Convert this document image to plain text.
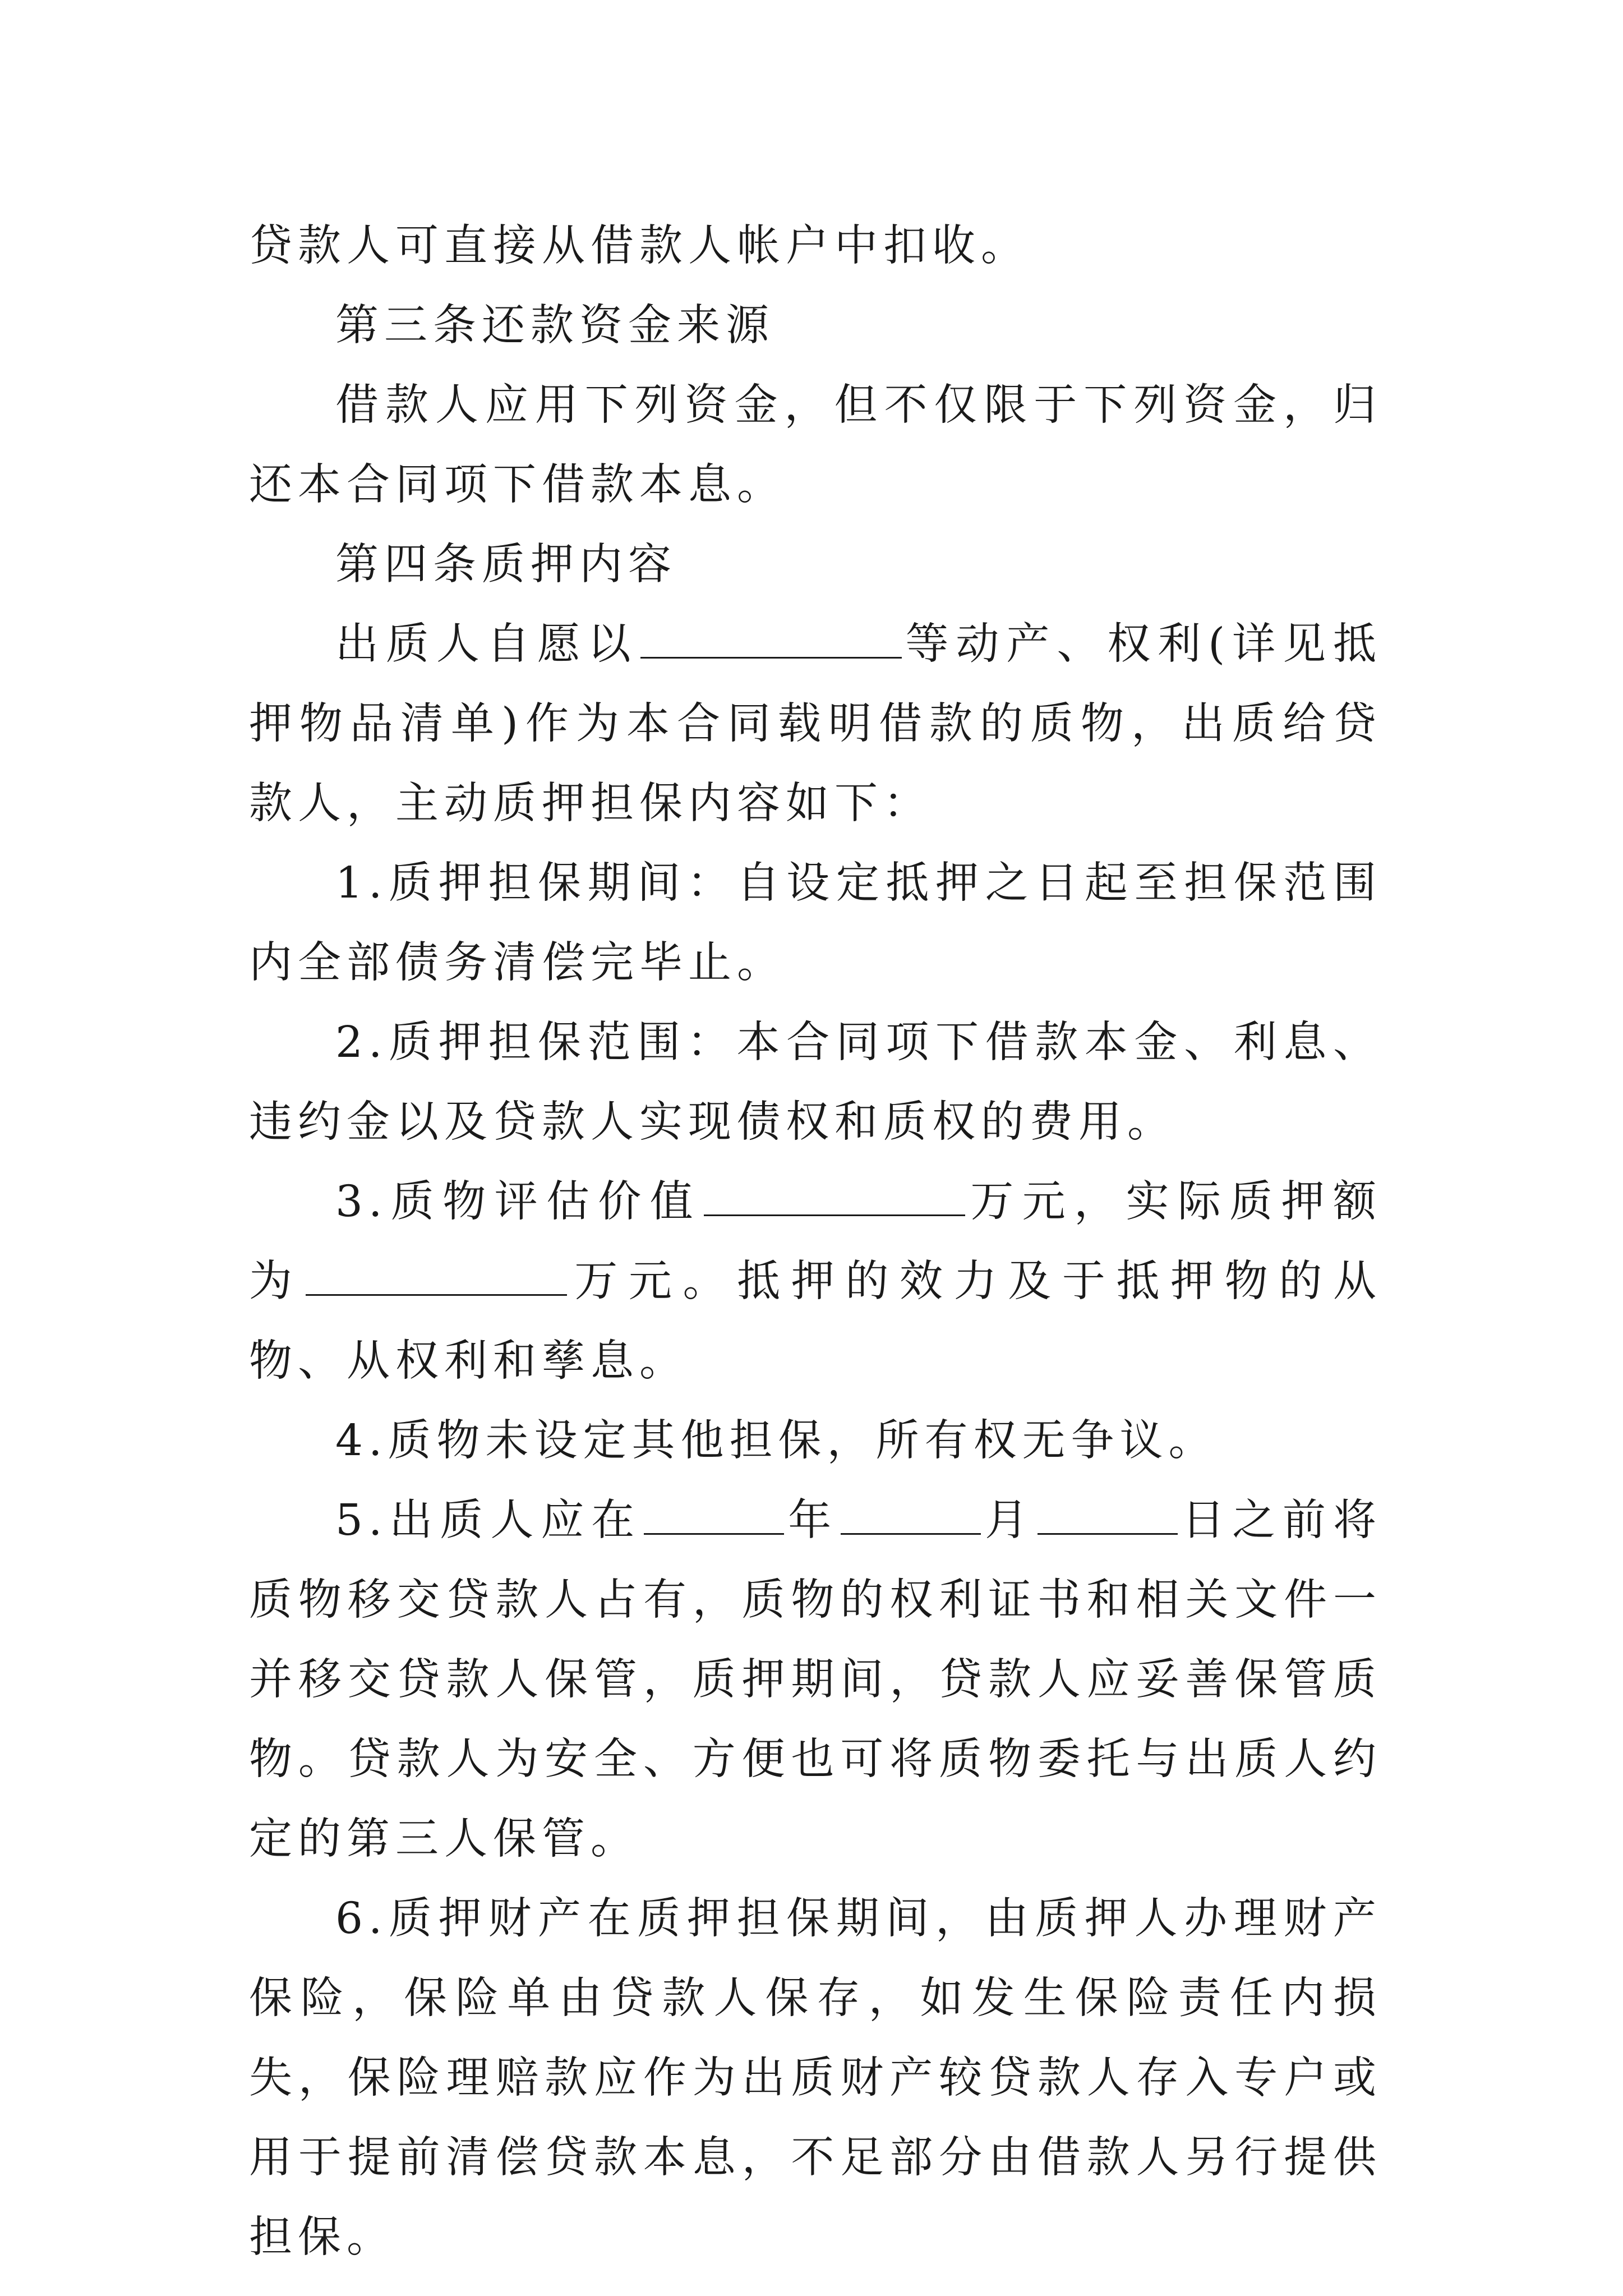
贷款人可直接从借款人帐户中扣收。

第三条还款资金来源

借款人应用下列资金，但不仅限于下列资金，归还本合同项下借款本息。

第四条质押内容

出质人自愿以	等动产、权利(详见抵押物品清单)作为本合同载明借款的质物，出质给贷款人，主动质押担保内容如下：

1.质押担保期间：自设定抵押之日起至担保范围内全部债务清偿完毕止。

2.质押担保范围：本合同项下借款本金、利息、违约金以及贷款人实现债权和质权的费用。

3.质物评估价值	万元，实际质押额为	万元。抵押的效力及于抵押物的从物、从权利和孳息。

4.质物未设定其他担保，所有权无争议。

5.出质人应在	年	月	日之前将质物移交贷款人占有，质物的权利证书和相关文件一并移交贷款人保管，质押期间，贷款人应妥善保管质物。贷款人为安全、方便也可将质物委托与出质人约定的第三人保管。

6.质押财产在质押担保期间，由质押人办理财产保险，保险单由贷款人保存，如发生保险责任内损失，保险理赔款应作为出质财产较贷款人存入专户或用于提前清偿贷款本息，不足部分由借款人另行提供担保。
